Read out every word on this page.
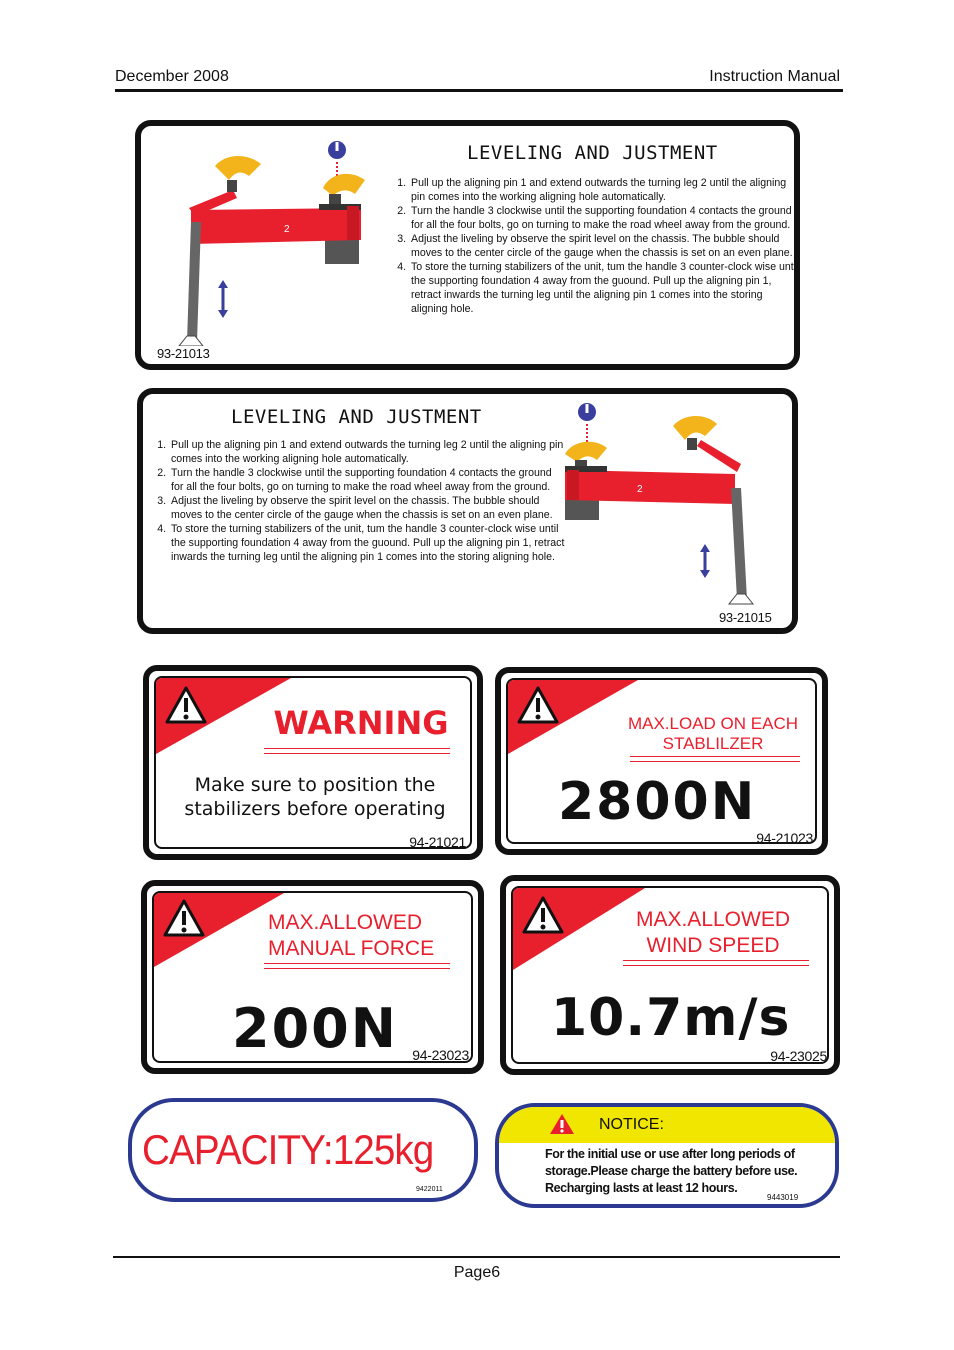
December 2008	Instruction Manual
2
LEVELING AND JUSTMENT
1. Pull up the aligning pin 1 and extend outwards the turning leg 2 until the aligning pin comes into the working aligning hole automatically.
2. Turn the handle 3 clockwise until the supporting foundation 4 contacts the ground for all the four bolts, go on turning to make the road wheel away from the ground.
3. Adjust the liveling by observe the spirit level on the chassis. The bubble should moves to the center circle of the gauge when the chassis is set on an even plane.
4. To store the turning stabilizers of the unit, tum the handle 3 counter-clock wise until the supporting foundation 4 away from the guound. Pull up the aligning pin 1, retract inwards the turning leg until the aligning pin 1 comes into the storing aligning hole.
93-21013
2
LEVELING AND JUSTMENT
1. Pull up the aligning pin 1 and extend outwards the turning leg 2 until the aligning pin comes into the working aligning hole automatically.
2. Turn the handle 3 clockwise until the supporting foundation 4 contacts the ground for all the four bolts, go on turning to make the road wheel away from the ground.
3. Adjust the liveling by observe the spirit level on the chassis. The bubble should moves to the center circle of the gauge when the chassis is set on an even plane.
4. To store the turning stabilizers of the unit, tum the handle 3 counter-clock wise until the supporting foundation 4 away from the guound. Pull up the aligning pin 1, retract inwards the turning leg until the aligning pin 1 comes into the storing aligning hole.
93-21015
WARNING
Make sure to position the
stabilizers before operating
94-21021
MAX.LOAD ON EACH
STABLILZER
2800N
94-21023
MAX.ALLOWED
MANUAL FORCE
200N 94-23023
MAX.ALLOWED
WIND SPEED
10.7m/s
94-23025
CAPACITY:125kg
9422011
NOTICE:
For the initial use or use after long periods of
storage.Please charge the battery before use.
Recharging lasts at least 12 hours.
9443019
Page6
